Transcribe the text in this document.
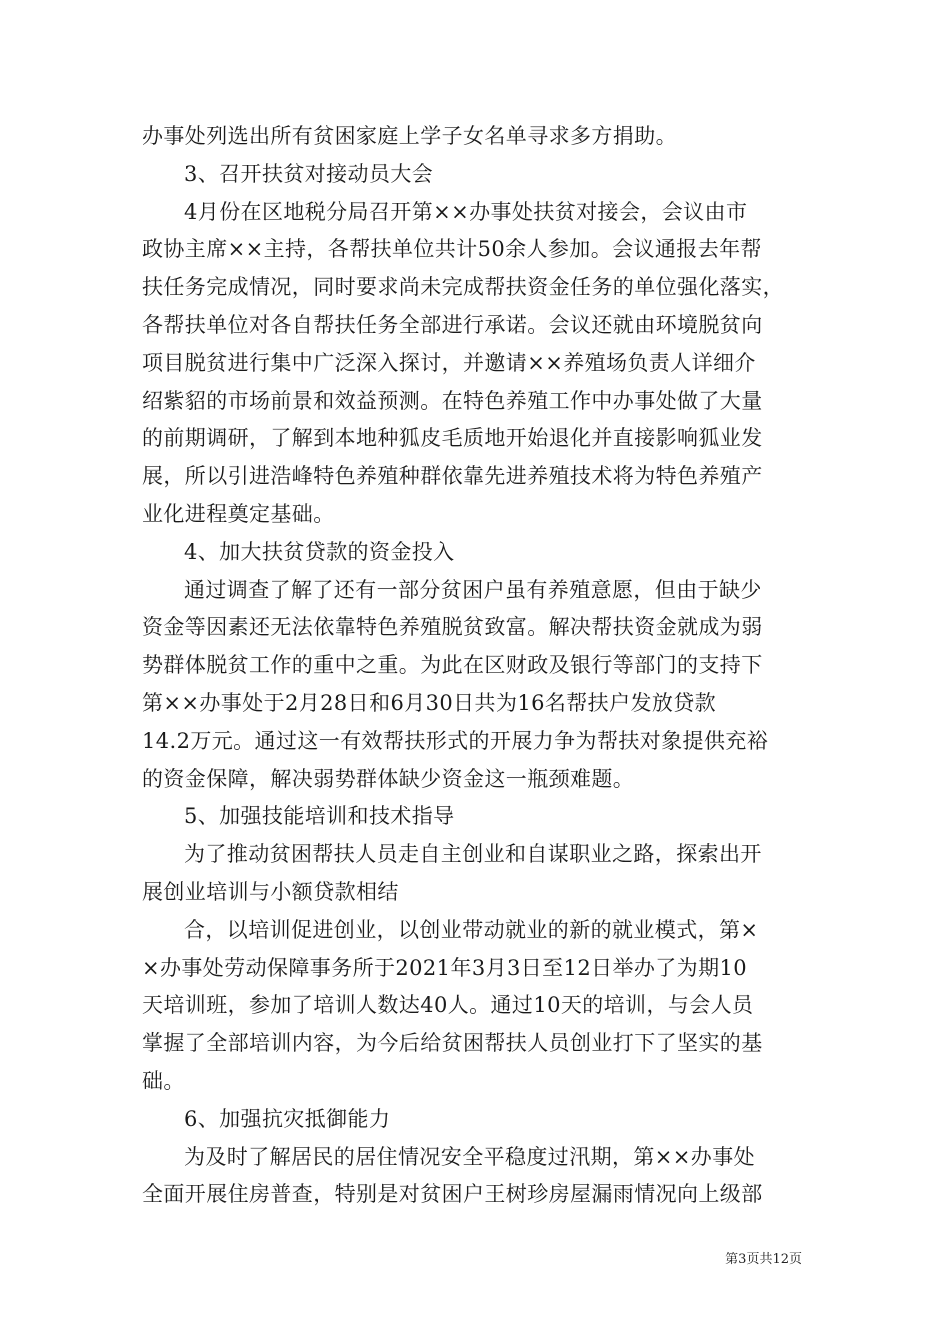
办事处列选出所有贫困家庭上学子女名单寻求多方捐助。
3、召开扶贫对接动员大会
4月份在区地税分局召开第××办事处扶贫对接会，会议由市
政协主席××主持，各帮扶单位共计50余人参加。会议通报去年帮
扶任务完成情况，同时要求尚未完成帮扶资金任务的单位强化落实，
各帮扶单位对各自帮扶任务全部进行承诺。会议还就由环境脱贫向
项目脱贫进行集中广泛深入探讨，并邀请××养殖场负责人详细介
绍紫貂的市场前景和效益预测。在特色养殖工作中办事处做了大量
的前期调研，了解到本地种狐皮毛质地开始退化并直接影响狐业发
展，所以引进浩峰特色养殖种群依靠先进养殖技术将为特色养殖产
业化进程奠定基础。
4、加大扶贫贷款的资金投入
通过调查了解了还有一部分贫困户虽有养殖意愿，但由于缺少
资金等因素还无法依靠特色养殖脱贫致富。解决帮扶资金就成为弱
势群体脱贫工作的重中之重。为此在区财政及银行等部门的支持下
第××办事处于2月28日和6月30日共为16名帮扶户发放贷款
14.2万元。通过这一有效帮扶形式的开展力争为帮扶对象提供充裕
的资金保障，解决弱势群体缺少资金这一瓶颈难题。
5、加强技能培训和技术指导
为了推动贫困帮扶人员走自主创业和自谋职业之路，探索出开
展创业培训与小额贷款相结
合，以培训促进创业，以创业带动就业的新的就业模式，第×
×办事处劳动保障事务所于2021年3月3日至12日举办了为期10
天培训班，参加了培训人数达40人。通过10天的培训，与会人员
掌握了全部培训内容，为今后给贫困帮扶人员创业打下了坚实的基
础。
6、加强抗灾抵御能力
为及时了解居民的居住情况安全平稳度过汛期，第××办事处
全面开展住房普查，特别是对贫困户王树珍房屋漏雨情况向上级部
第3页共12页
